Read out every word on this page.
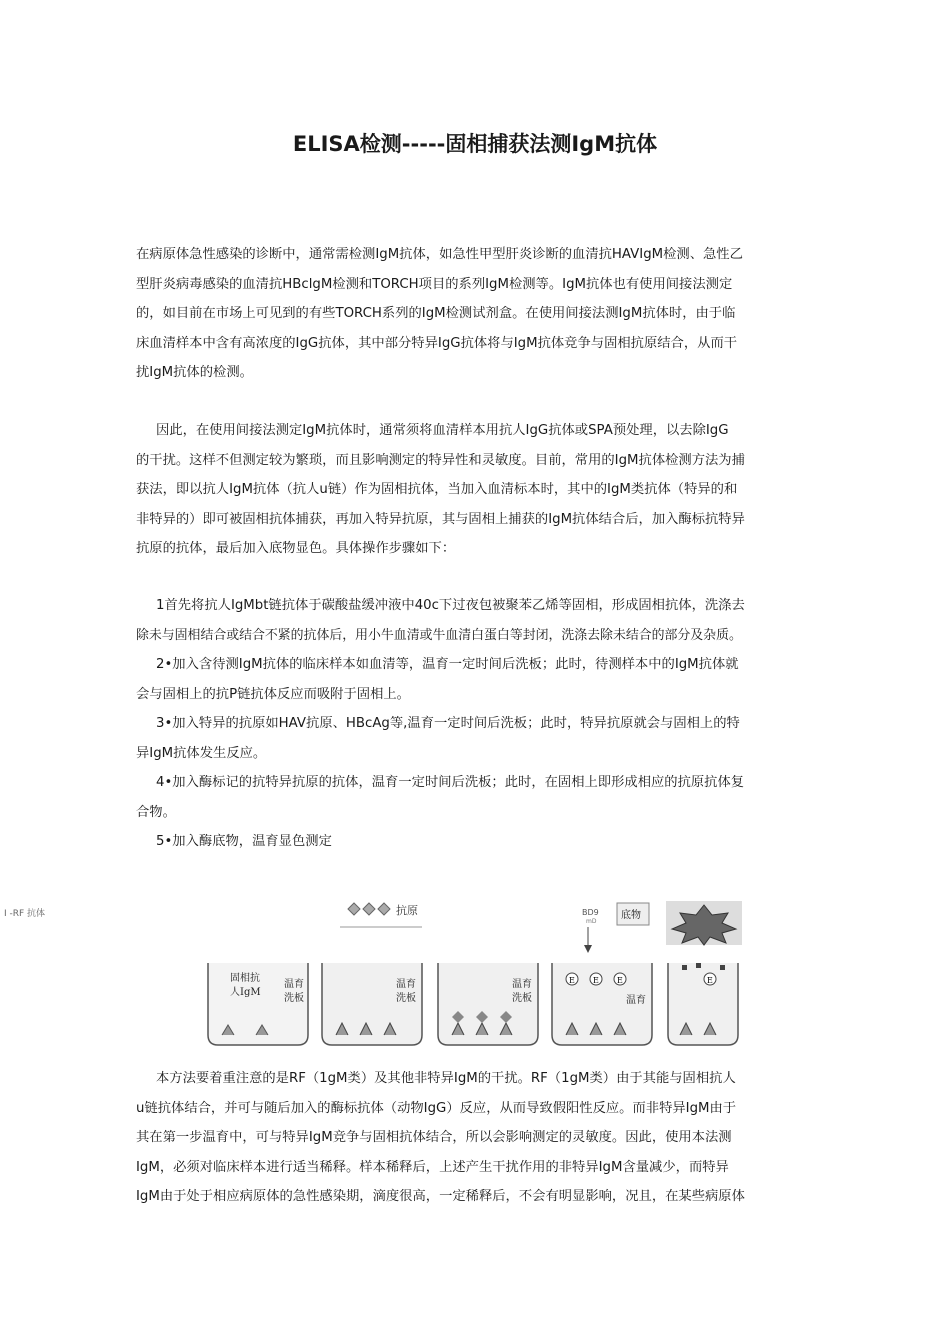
ELISA检测-----固相捕获法测IgM抗体
在病原体急性感染的诊断中，通常需检测IgM抗体，如急性甲型肝炎诊断的血清抗HAVIgM检测、急性乙
型肝炎病毒感染的血清抗HBclgM检测和TORCH项目的系列IgM检测等。IgM抗体也有使用间接法测定
的，如目前在市场上可见到的有些TORCH系列的IgM检测试剂盒。在使用间接法测IgM抗体时，由于临
床血清样本中含有高浓度的IgG抗体，其中部分特异IgG抗体将与IgM抗体竞争与固相抗原结合，从而干
扰IgM抗体的检测。
因此，在使用间接法测定IgM抗体时，通常须将血清样本用抗人IgG抗体或SPA预处理，以去除IgG
的干扰。这样不但测定较为繁琐，而且影响测定的特异性和灵敏度。目前，常用的IgM抗体检测方法为捕
获法，即以抗人IgM抗体（抗人u链）作为固相抗体，当加入血清标本时，其中的IgM类抗体（特异的和
非特异的）即可被固相抗体捕获，再加入特异抗原，其与固相上捕获的IgM抗体结合后，加入酶标抗特异
抗原的抗体，最后加入底物显色。具体操作步骤如下：
1首先将抗人IgMbt链抗体于碳酸盐缓冲液中40c下过夜包被聚苯乙烯等固相，形成固相抗体，洗涤去
除未与固相结合或结合不紧的抗体后，用小牛血清或牛血清白蛋白等封闭，洗涤去除未结合的部分及杂质。
2•加入含待测IgM抗体的临床样本如血清等，温育一定时间后洗板；此时，待测样本中的IgM抗体就
会与固相上的抗P链抗体反应而吸附于固相上。
3•加入特异的抗原如HAV抗原、HBcAg等,温育一定时间后洗板；此时，特异抗原就会与固相上的特
异IgM抗体发生反应。
4•加入酶标记的抗特异抗原的抗体，温育一定时间后洗板；此时，在固相上即形成相应的抗原抗体复
合物。
5•加入酶底物，温育显色测定
I -RF 抗体	抗原	BD9
mD
底物
固相抗
人IgM
温育
洗板
温育
洗板
温育
洗板
E E E
温育
E
本方法要着重注意的是RF（1gM类）及其他非特异IgM的干扰。RF（1gM类）由于其能与固相抗人
u链抗体结合，并可与随后加入的酶标抗体（动物IgG）反应，从而导致假阳性反应。而非特异IgM由于
其在第一步温育中，可与特异IgM竞争与固相抗体结合，所以会影响测定的灵敏度。因此，使用本法测
IgM，必须对临床样本进行适当稀释。样本稀释后，上述产生干扰作用的非特异IgM含量减少，而特异
IgM由于处于相应病原体的急性感染期，滴度很高，一定稀释后，不会有明显影响，况且，在某些病原体
